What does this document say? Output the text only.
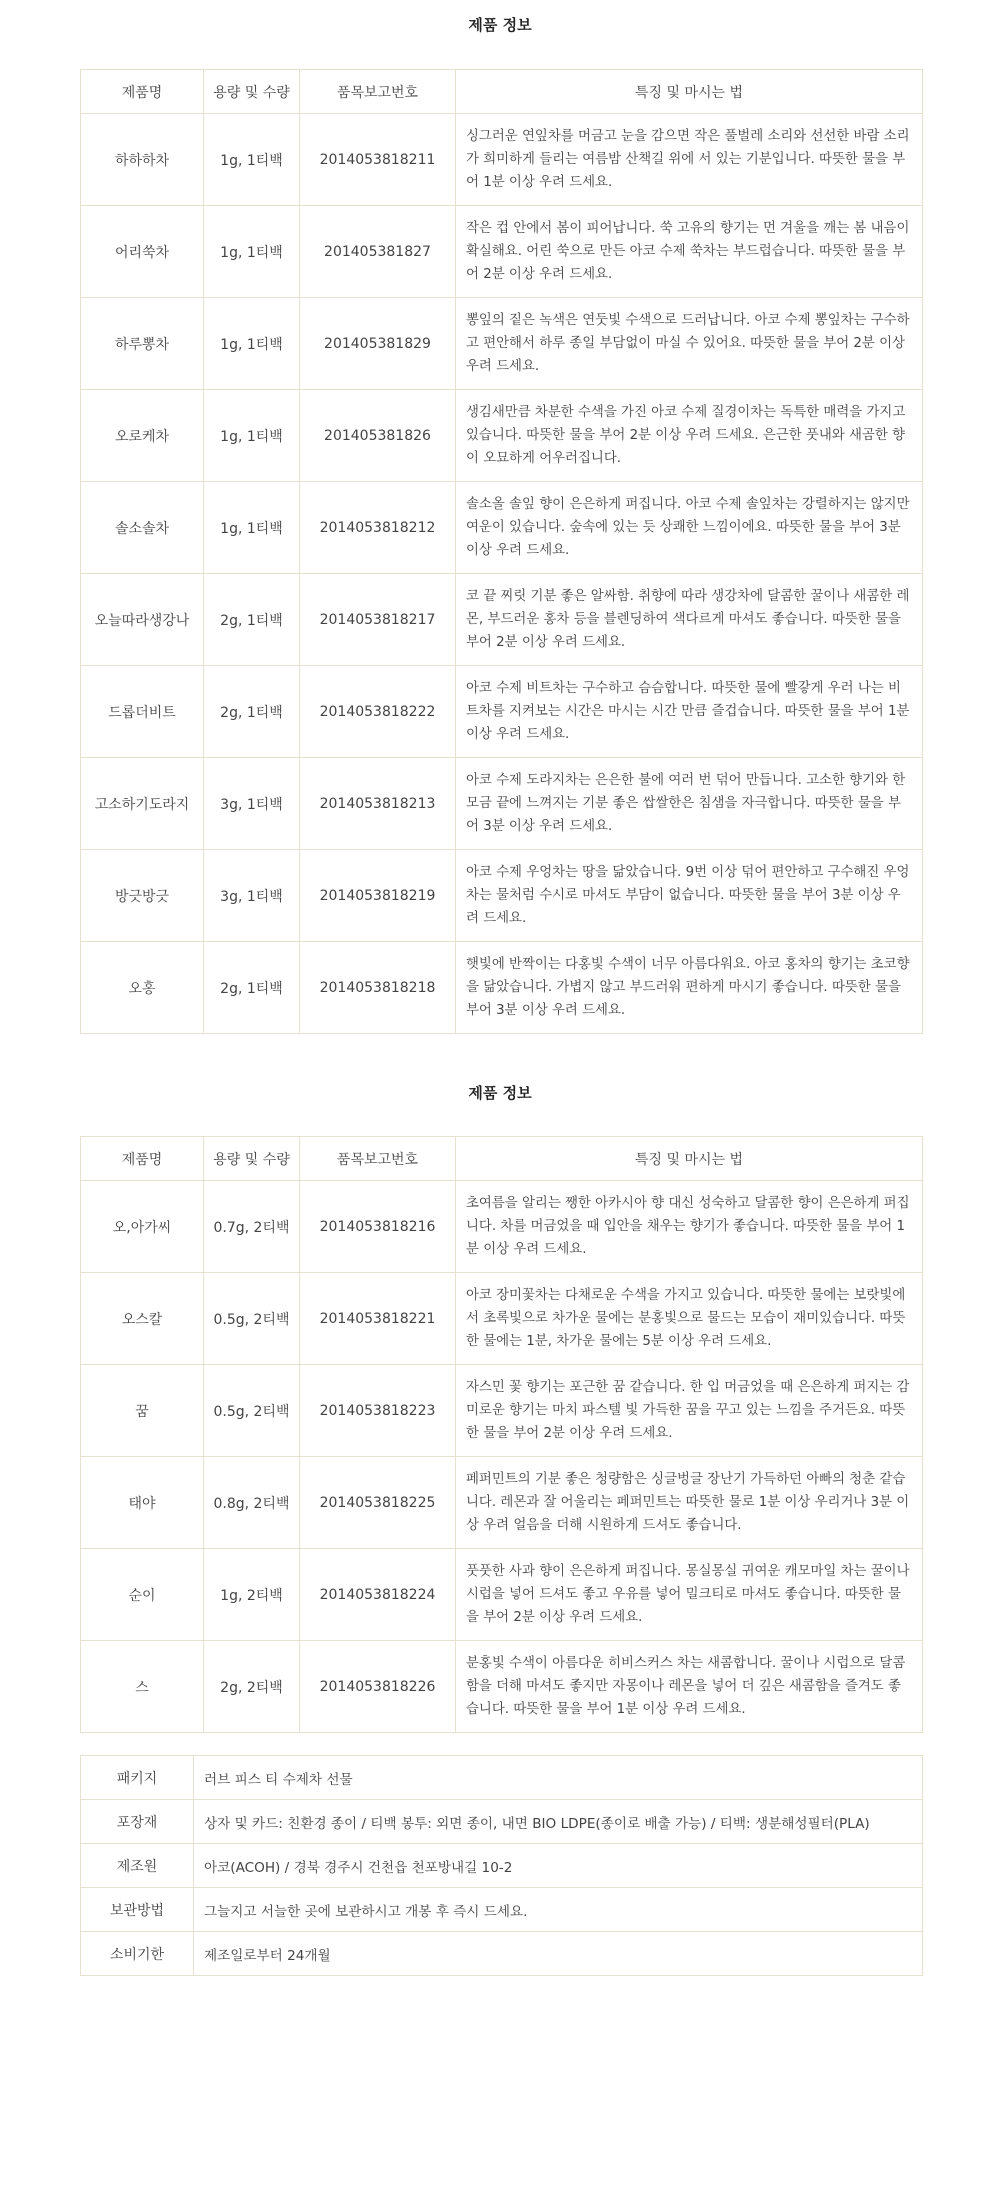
제품 정보
제품명	용량 및 수량	품목보고번호	특징 및 마시는 법
하하하차	1g, 1티백	2014053818211	싱그러운 연잎차를 머금고 눈을 감으면 작은 풀벌레 소리와 선선한 바람 소리가 희미하게 들리는 여름밤 산책길 위에 서 있는 기분입니다. 따뜻한 물을 부어 1분 이상 우려 드세요.
어리쑥차	1g, 1티백	201405381827	작은 컵 안에서 봄이 피어납니다. 쑥 고유의 향기는 먼 겨울을 깨는 봄 내음이 확실해요. 어린 쑥으로 만든 아코 수제 쑥차는 부드럽습니다. 따뜻한 물을 부어 2분 이상 우려 드세요.
하루뽕차	1g, 1티백	201405381829	뽕잎의 짙은 녹색은 연둣빛 수색으로 드러납니다. 아코 수제 뽕잎차는 구수하고 편안해서 하루 종일 부담없이 마실 수 있어요. 따뜻한 물을 부어 2분 이상 우려 드세요.
오로케차	1g, 1티백	201405381826	생김새만큼 차분한 수색을 가진 아코 수제 질경이차는 독특한 매력을 가지고 있습니다. 따뜻한 물을 부어 2분 이상 우려 드세요. 은근한 풋내와 새곰한 향이 오묘하게 어우러집니다.
솔소솔차	1g, 1티백	2014053818212	솔소올 솔잎 향이 은은하게 퍼집니다. 아코 수제 솔잎차는 강렬하지는 않지만 여운이 있습니다. 숲속에 있는 듯 상쾌한 느낌이에요. 따뜻한 물을 부어 3분 이상 우려 드세요.
오늘따라생강나	2g, 1티백	2014053818217	코 끝 찌릿 기분 좋은 알싸함. 취향에 따라 생강차에 달콤한 꿀이나 새콤한 레몬, 부드러운 홍차 등을 블렌딩하여 색다르게 마셔도 좋습니다. 따뜻한 물을 부어 2분 이상 우려 드세요.
드롭더비트	2g, 1티백	2014053818222	아코 수제 비트차는 구수하고 슴슴합니다. 따뜻한 물에 빨갛게 우러 나는 비트차를 지켜보는 시간은 마시는 시간 만큼 즐겁습니다. 따뜻한 물을 부어 1분 이상 우려 드세요.
고소하기도라지	3g, 1티백	2014053818213	아코 수제 도라지차는 은은한 불에 여러 번 덖어 만듭니다. 고소한 향기와 한 모금 끝에 느껴지는 기분 좋은 쌉쌀한은 침샘을 자극합니다. 따뜻한 물을 부어 3분 이상 우려 드세요.
방긋방긋	3g, 1티백	2014053818219	아코 수제 우엉차는 땅을 닮았습니다. 9번 이상 덖어 편안하고 구수해진 우엉차는 물처럼 수시로 마셔도 부담이 없습니다. 따뜻한 물을 부어 3분 이상 우려 드세요.
오홍	2g, 1티백	2014053818218	햇빛에 반짝이는 다홍빛 수색이 너무 아름다워요. 아코 홍차의 향기는 초코향을 닮았습니다. 가볍지 않고 부드러워 편하게 마시기 좋습니다. 따뜻한 물을 부어 3분 이상 우려 드세요.
제품 정보
제품명	용량 및 수량	품목보고번호	특징 및 마시는 법
오,아가씨	0.7g, 2티백	2014053818216	초여름을 알리는 쨍한 아카시아 향 대신 성숙하고 달콤한 향이 은은하게 퍼집니다. 차를 머금었을 때 입안을 채우는 향기가 좋습니다. 따뜻한 물을 부어 1분 이상 우려 드세요.
오스칼	0.5g, 2티백	2014053818221	아코 장미꽃차는 다채로운 수색을 가지고 있습니다. 따뜻한 물에는 보랏빛에서 초록빛으로 차가운 물에는 분홍빛으로 물드는 모습이 재미있습니다. 따뜻한 물에는 1분, 차가운 물에는 5분 이상 우려 드세요.
꿈	0.5g, 2티백	2014053818223	자스민 꽃 향기는 포근한 꿈 같습니다. 한 입 머금었을 때 은은하게 퍼지는 감미로운 향기는 마치 파스텔 빛 가득한 꿈을 꾸고 있는 느낌을 주거든요. 따뜻한 물을 부어 2분 이상 우려 드세요.
태야	0.8g, 2티백	2014053818225	페퍼민트의 기분 좋은 청량함은 싱글벙글 장난기 가득하던 아빠의 청춘 같습니다. 레몬과 잘 어울리는 페퍼민트는 따뜻한 물로 1분 이상 우리거나 3분 이상 우려 얼음을 더해 시원하게 드셔도 좋습니다.
순이	1g, 2티백	2014053818224	풋풋한 사과 향이 은은하게 퍼집니다. 몽실몽실 귀여운 캐모마일 차는 꿀이나 시럽을 넣어 드셔도 좋고 우유를 넣어 밀크티로 마셔도 좋습니다. 따뜻한 물을 부어 2분 이상 우려 드세요.
스	2g, 2티백	2014053818226	분홍빛 수색이 아름다운 히비스커스 차는 새콤합니다. 꿀이나 시럽으로 달콤함을 더해 마셔도 좋지만 자몽이나 레몬을 넣어 더 깊은 새콤함을 즐겨도 좋습니다. 따뜻한 물을 부어 1분 이상 우려 드세요.
패키지	러브 피스 티 수제차 선물
포장재	상자 및 카드: 친환경 종이 / 티백 봉투: 외면 종이, 내면 BIO LDPE(종이로 배출 가능) / 티백: 생분해성필터(PLA)
제조원	아코(ACOH) / 경북 경주시 건천읍 천포방내길 10-2
보관방법	그늘지고 서늘한 곳에 보관하시고 개봉 후 즉시 드세요.
소비기한	제조일로부터 24개월
